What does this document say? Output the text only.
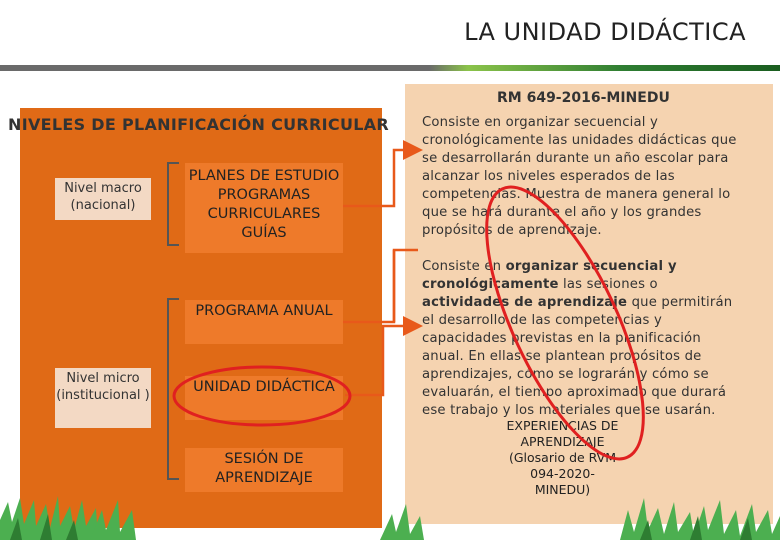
LA UNIDAD DIDÁCTICA
NIVELES DE PLANIFICACIÓN CURRICULAR
Nivel macro (nacional)
Nivel micro (institucional )
PLANES DE ESTUDIO PROGRAMAS CURRICULARES GUÍAS
PROGRAMA ANUAL
UNIDAD DIDÁCTICA
SESIÓN DE APRENDIZAJE
RM 649-2016-MINEDU
Consiste en organizar secuencial y cronológicamente las unidades didácticas que se desarrollarán durante un año escolar para alcanzar los niveles esperados de las competencias. Muestra de manera general lo que se hará durante el año y los grandes propósitos de aprendizaje.
Consiste en organizar secuencial y cronológicamente las sesiones o actividades de aprendizaje que permitirán el desarrollo de las competencias y capacidades previstas en la planificación anual. En ellas se plantean propósitos de aprendizajes, cómo se lograrán y cómo se evaluarán, el tiempo aproximado que durará ese trabajo y los materiales que se usarán.
EXPERIENCIAS DE APRENDIZAJE (Glosario de RVM 094-2020-MINEDU)
